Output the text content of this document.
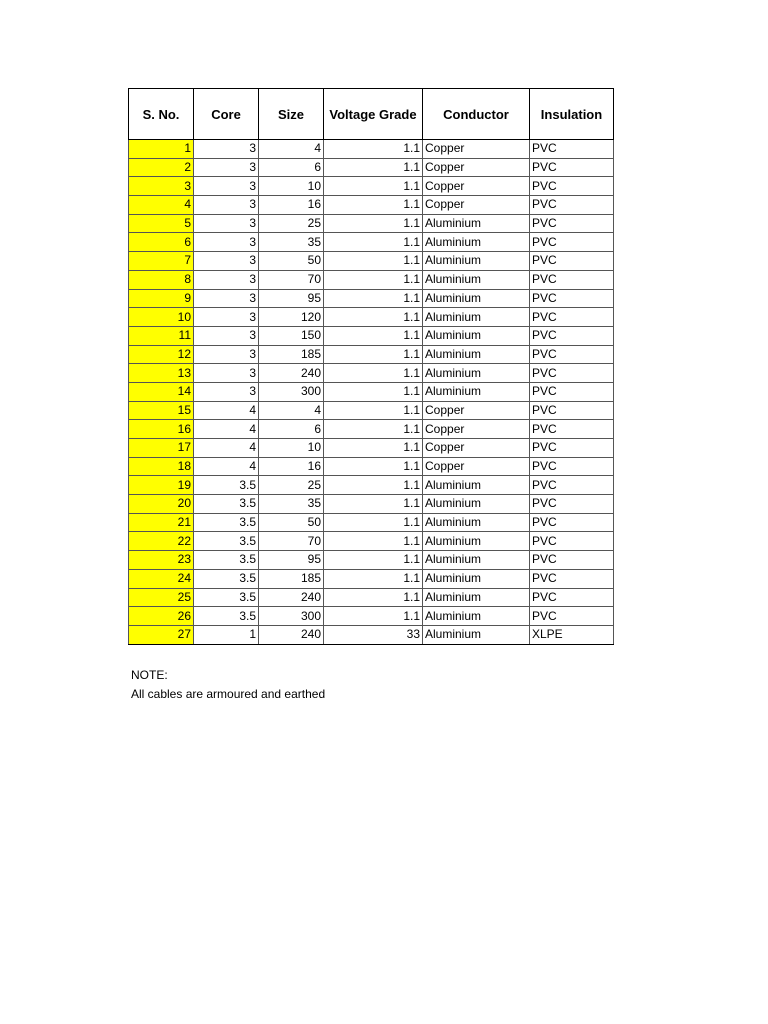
S. No.	Core	Size	Voltage Grade	Conductor	Insulation
1	3	4	1.1	Copper	PVC
2	3	6	1.1	Copper	PVC
3	3	10	1.1	Copper	PVC
4	3	16	1.1	Copper	PVC
5	3	25	1.1	Aluminium	PVC
6	3	35	1.1	Aluminium	PVC
7	3	50	1.1	Aluminium	PVC
8	3	70	1.1	Aluminium	PVC
9	3	95	1.1	Aluminium	PVC
10	3	120	1.1	Aluminium	PVC
11	3	150	1.1	Aluminium	PVC
12	3	185	1.1	Aluminium	PVC
13	3	240	1.1	Aluminium	PVC
14	3	300	1.1	Aluminium	PVC
15	4	4	1.1	Copper	PVC
16	4	6	1.1	Copper	PVC
17	4	10	1.1	Copper	PVC
18	4	16	1.1	Copper	PVC
19	3.5	25	1.1	Aluminium	PVC
20	3.5	35	1.1	Aluminium	PVC
21	3.5	50	1.1	Aluminium	PVC
22	3.5	70	1.1	Aluminium	PVC
23	3.5	95	1.1	Aluminium	PVC
24	3.5	185	1.1	Aluminium	PVC
25	3.5	240	1.1	Aluminium	PVC
26	3.5	300	1.1	Aluminium	PVC
27	1	240	33	Aluminium	XLPE
NOTE:
All cables are armoured and earthed
